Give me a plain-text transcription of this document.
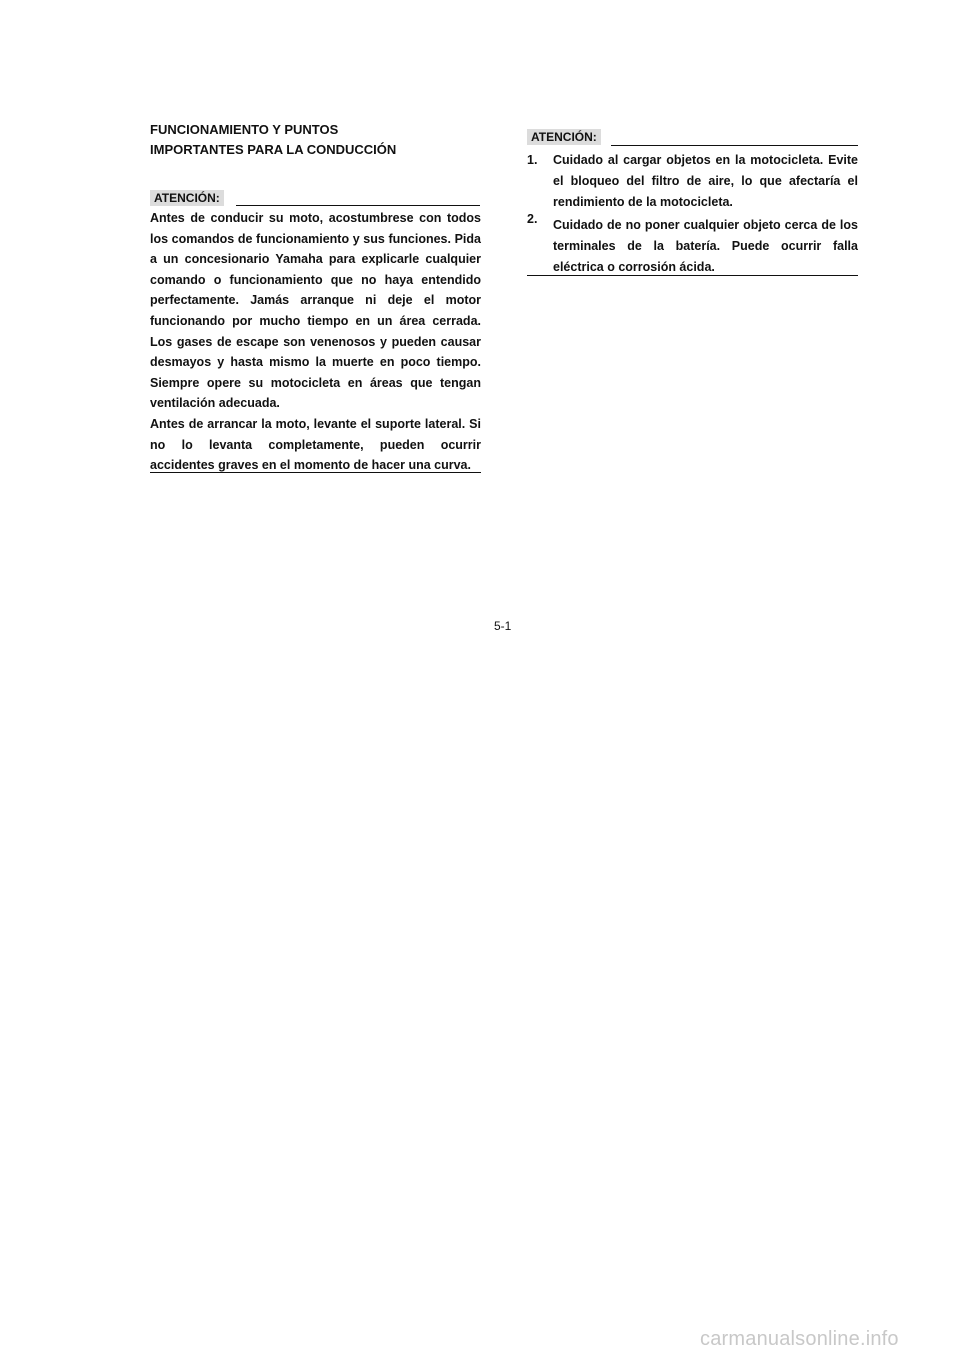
FUNCIONAMIENTO Y PUNTOS
IMPORTANTES PARA LA CONDUCCIÓN
ATENCIÓN:

Antes de conducir su moto, acostumbrese con todos los comandos de funcionamiento y sus funciones. Pida a un concesionario Yamaha para explicarle cualquier comando o funcionamiento que no haya entendido perfectamente. Jamás arranque ni deje el motor funcionando por mucho tiempo en un área cerrada. Los gases de escape son venenosos y pueden causar desmayos y hasta mismo la muerte en poco tiempo. Siempre opere su motocicleta en áreas que tengan ventilación adecuada.

Antes de arrancar la moto, levante el suporte lateral. Si no lo levanta completamente, pueden ocurrir accidentes graves en el momento de hacer una curva.

ATENCIÓN:
1. Cuidado al cargar objetos en la motocicleta. Evite el bloqueo del filtro de aire, lo que afectaría el rendimiento de la motocicleta.
2. Cuidado de no poner cualquier objeto cerca de los terminales de la batería. Puede ocurrir falla eléctrica o corrosión ácida.
5-1
carmanualsonline.info
